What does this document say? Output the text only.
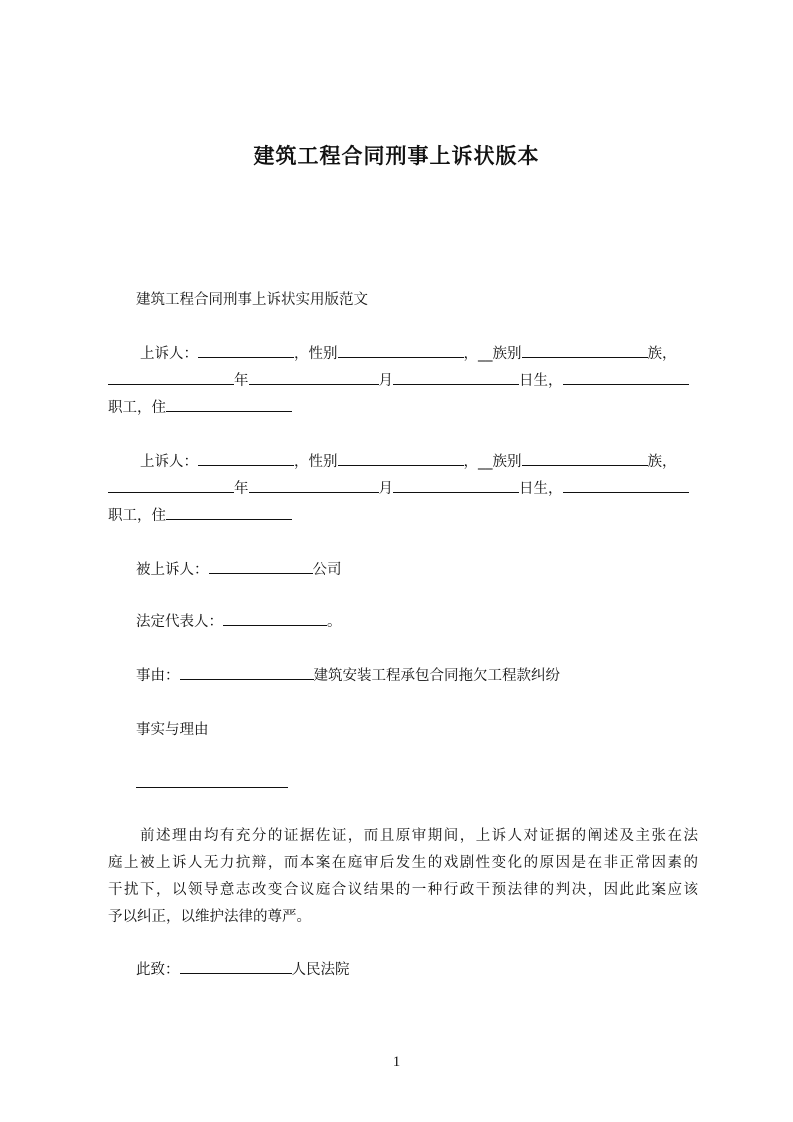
建筑工程合同刑事上诉状版本
建筑工程合同刑事上诉状实用版范文
上诉人：	，性别	，__族别	族，
年	月	日生，
职工，住
上诉人：	，性别	，__族别	族，
年	月	日生，
职工，住
被上诉人：	公司
法定代表人：	。
事由：	建筑安装工程承包合同拖欠工程款纠纷
事实与理由
前述理由均有充分的证据佐证，而且原审期间，上诉人对证据的阐述及主张在法
庭上被上诉人无力抗辩，而本案在庭审后发生的戏剧性变化的原因是在非正常因素的
干扰下，以领导意志改变合议庭合议结果的一种行政干预法律的判决，因此此案应该
予以纠正，以维护法律的尊严。
此致：	人民法院
1
